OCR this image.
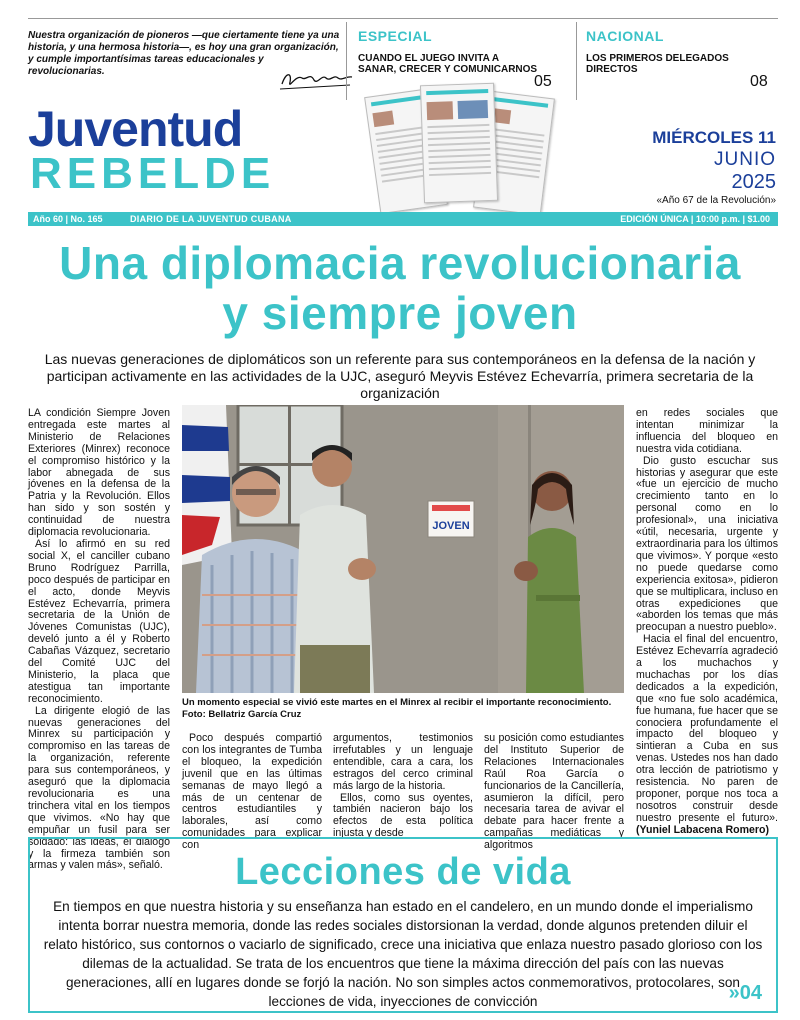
Nuestra organización de pioneros —que ciertamente tiene ya una historia, y una hermosa historia—, es hoy una gran organización, y cumple importantísimas tareas educacionales y revolucionarias.
ESPECIAL
CUANDO EL JUEGO INVITA A SANAR, CRECER Y COMUNICARNOS
05
NACIONAL
LOS PRIMEROS DELEGADOS DIRECTOS
08
Juventud
REBELDE
MIÉRCOLES 11
JUNIO
2025
«Año 67 de la Revolución»
Año 60 | No. 165	DIARIO DE LA JUVENTUD CUBANA	EDICIÓN ÚNICA | 10:00 p.m. | $1.00
Una diplomacia revolucionaria
y siempre joven
Las nuevas generaciones de diplomáticos son un referente para sus contemporáneos en la defensa de la nación y participan activamente en las actividades de la UJC, aseguró Meyvis Estévez Echevarría, primera secretaria de la organización

LA condición Siempre Joven entregada este martes al Ministerio de Relaciones Exteriores (Minrex) reconoce el compromiso histórico y la labor abnegada de sus jóvenes en la defensa de la Patria y la Revolución. Ellos han sido y son sostén y continuidad de nuestra diplomacia revolucionaria.

Así lo afirmó en su red social X, el canciller cubano Bruno Rodríguez Parrilla, poco después de participar en el acto, donde Meyvis Estévez Echevarría, primera secretaria de la Unión de Jóvenes Comunistas (UJC), develó junto a él y Roberto Cabañas Vázquez, secretario del Comité UJC del Ministerio, la placa que atestigua tan importante reconocimiento.

La dirigente elogió de las nuevas generaciones del Minrex su participación y compromiso en las tareas de la organización, referente para sus contemporáneos, y aseguró que la diplomacia revolucionaria es una trinchera vital en los tiempos que vivimos. «No hay que empuñar un fusil para ser soldado: las ideas, el diálogo y la firmeza también son armas y valen más», señaló.

JOVEN
Un momento especial se vivió este martes en el Minrex al recibir el importante reconocimiento. Foto: Bellatriz García Cruz

Poco después compartió con los integrantes de Tumba el bloqueo, la expedición juvenil que en las últimas semanas de mayo llegó a más de un centenar de centros estudiantiles y laborales, así como comunidades para explicar con

argumentos, testimonios irrefutables y un lenguaje entendible, cara a cara, los estragos del cerco criminal más largo de la historia.

Ellos, como sus oyentes, también nacieron bajo los efectos de esta política injusta y desde

su posición como estudiantes del Instituto Superior de Relaciones Internacionales Raúl Roa García o funcionarios de la Cancillería, asumieron la difícil, pero necesaria tarea de avivar el debate para hacer frente a campañas mediáticas y algoritmos

en redes sociales que intentan minimizar la influencia del bloqueo en nuestra vida cotidiana.

Dio gusto escuchar sus historias y asegurar que este «fue un ejercicio de mucho crecimiento tanto en lo personal como en lo profesional», una iniciativa «útil, necesaria, urgente y extraordinaria para los últimos que vivimos». Y porque «esto no puede quedarse como experiencia exitosa», pidieron que se multiplicara, incluso en otras expediciones que «aborden los temas que más preocupan a nuestro pueblo».

Hacia el final del encuentro, Estévez Echevarría agradeció a los muchachos y muchachas por los días dedicados a la expedición, que «no fue solo académica, fue humana, fue hacer que se conociera profundamente el impacto del bloqueo y sintieran a Cuba en sus venas. Ustedes nos han dado otra lección de patriotismo y resistencia. No paren de proponer, porque nos toca a nosotros construir desde nuestro presente el futuro». (Yuniel Labacena Romero)

Lecciones de vida
En tiempos en que nuestra historia y su enseñanza han estado en el candelero, en un mundo donde el imperialismo intenta borrar nuestra memoria, donde las redes sociales distorsionan la verdad, donde algunos pretenden diluir el relato histórico, sus contornos o vaciarlo de significado, crece una iniciativa que enlaza nuestro pasado glorioso con los dilemas de la actualidad. Se trata de los encuentros que tiene la máxima dirección del país con las nuevas generaciones, allí en lugares donde se forjó la nación. No son simples actos conmemorativos, protocolares, son lecciones de vida, inyecciones de convicción	»04
